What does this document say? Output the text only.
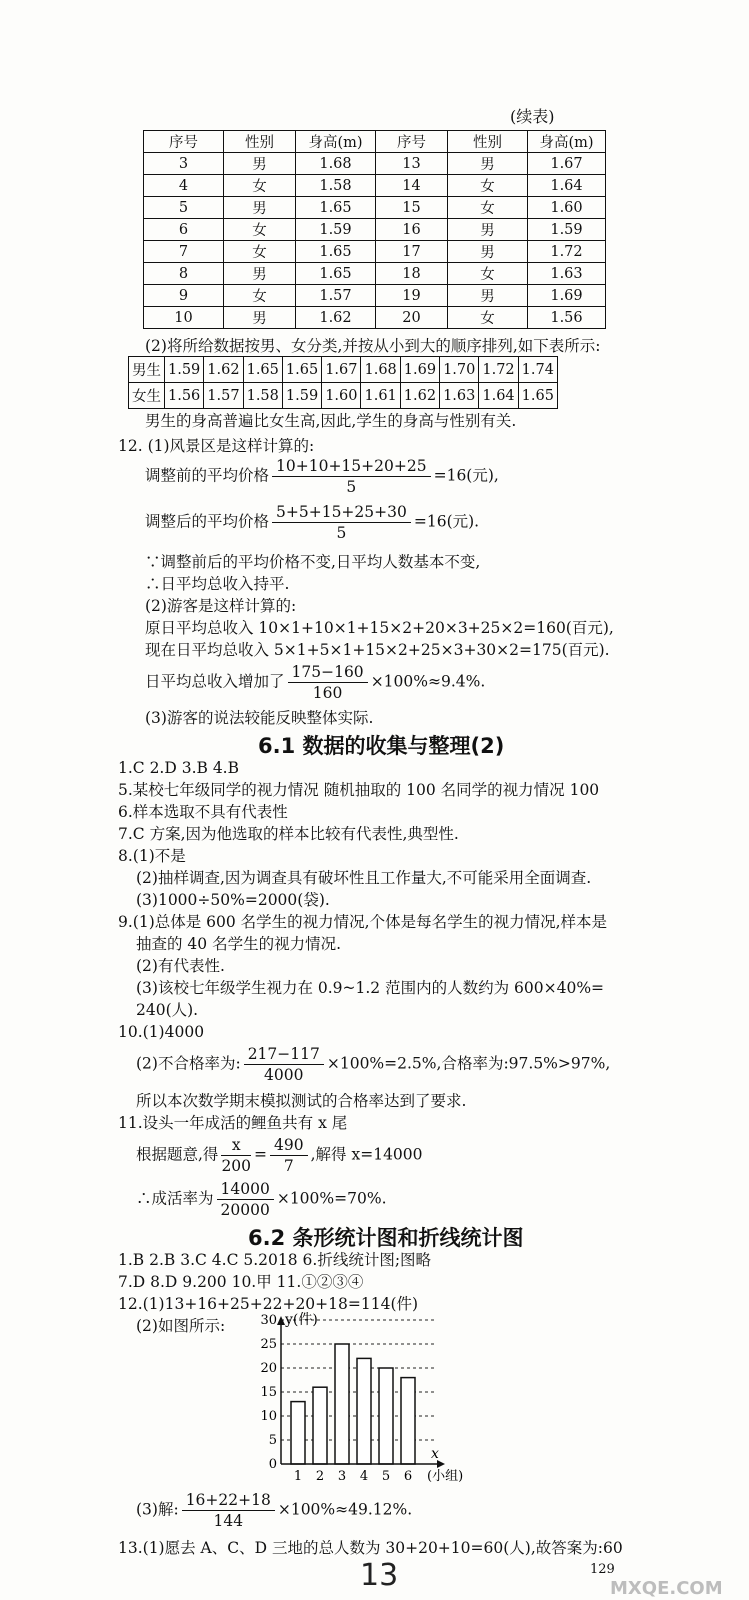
(续表)
序号	性别	身高(m)	序号	性别	身高(m)
3	男	1.68	13	男	1.67
4	女	1.58	14	女	1.64
5	男	1.65	15	女	1.60
6	女	1.59	16	男	1.59
7	女	1.65	17	男	1.72
8	男	1.65	18	女	1.63
9	女	1.57	19	男	1.69
10	男	1.62	20	女	1.56
(2)将所给数据按男、女分类,并按从小到大的顺序排列,如下表所示:
男生	1.59	1.62	1.65	1.65	1.67	1.68	1.69	1.70	1.72	1.74
女生	1.56	1.57	1.58	1.59	1.60	1.61	1.62	1.63	1.64	1.65
男生的身高普遍比女生高,因此,学生的身高与性别有关.
12. (1)风景区是这样计算的:
调整前的平均价格 $\frac{10+10+15+20+25}{5} =16$(元),
调整后的平均价格 $\frac{5+5+15+25+30}{5} =16$(元).
∵调整前后的平均价格不变,日平均人数基本不变,
∴日平均总收入持平.
(2)游客是这样计算的:
原日平均总收入 10×1+10×1+15×2+20×3+25×2=160(百元),
现在日平均总收入 5×1+5×1+15×2+25×3+30×2=175(百元).
日平均总收入增加了 $\frac{175-160}{160} \times 100\%\approx 9.4\%$.
(3)游客的说法较能反映整体实际.
6.1 数据的收集与整理(2)
1.C 2.D 3.B 4.B
5.某校七年级同学的视力情况 随机抽取的 100 名同学的视力情况 100
6.样本选取不具有代表性
7.C 方案,因为他选取的样本比较有代表性,典型性.
8.(1)不是
(2)抽样调查,因为调查具有破坏性且工作量大,不可能采用全面调查.
(3)1000÷50%=2000(袋).
9.(1)总体是 600 名学生的视力情况,个体是每名学生的视力情况,样本是
抽查的 40 名学生的视力情况.
(2)有代表性.
(3)该校七年级学生视力在 0.9~1.2 范围内的人数约为 600×40%=
240(人).
10.(1)4000
(2)不合格率为: $\frac{217-117}{4000} \times 100\%=2.5\%$,合格率为:97.5%>97%,
所以本次数学期末模拟测试的合格率达到了要求.
11.设头一年成活的鲤鱼共有 x 尾
根据题意,得 $\frac{x}{200} = \frac{490}{7}$ ,解得 x=14000
∴成活率为 $\frac{14000}{20000} \times 100\%=70\%$.
6.2 条形统计图和折线统计图
1.B 2.B 3.C 4.C 5.2018 6.折线统计图;图略
7.D 8.D 9.200 10.甲 11.①②③④
12.(1)13+16+25+22+20+18=114(件)
(2)如图所示:
0
5
10
15
20
25
30
1 2 3 4 5 6
y(件)
x
(小组)
(3)解: $\frac{16+22+18}{144} \times 100\%\approx 49.12\%$.
13.(1)愿去 A、C、D 三地的总人数为 30+20+10=60(人),故答案为:60
13	129
MXQE.COM
